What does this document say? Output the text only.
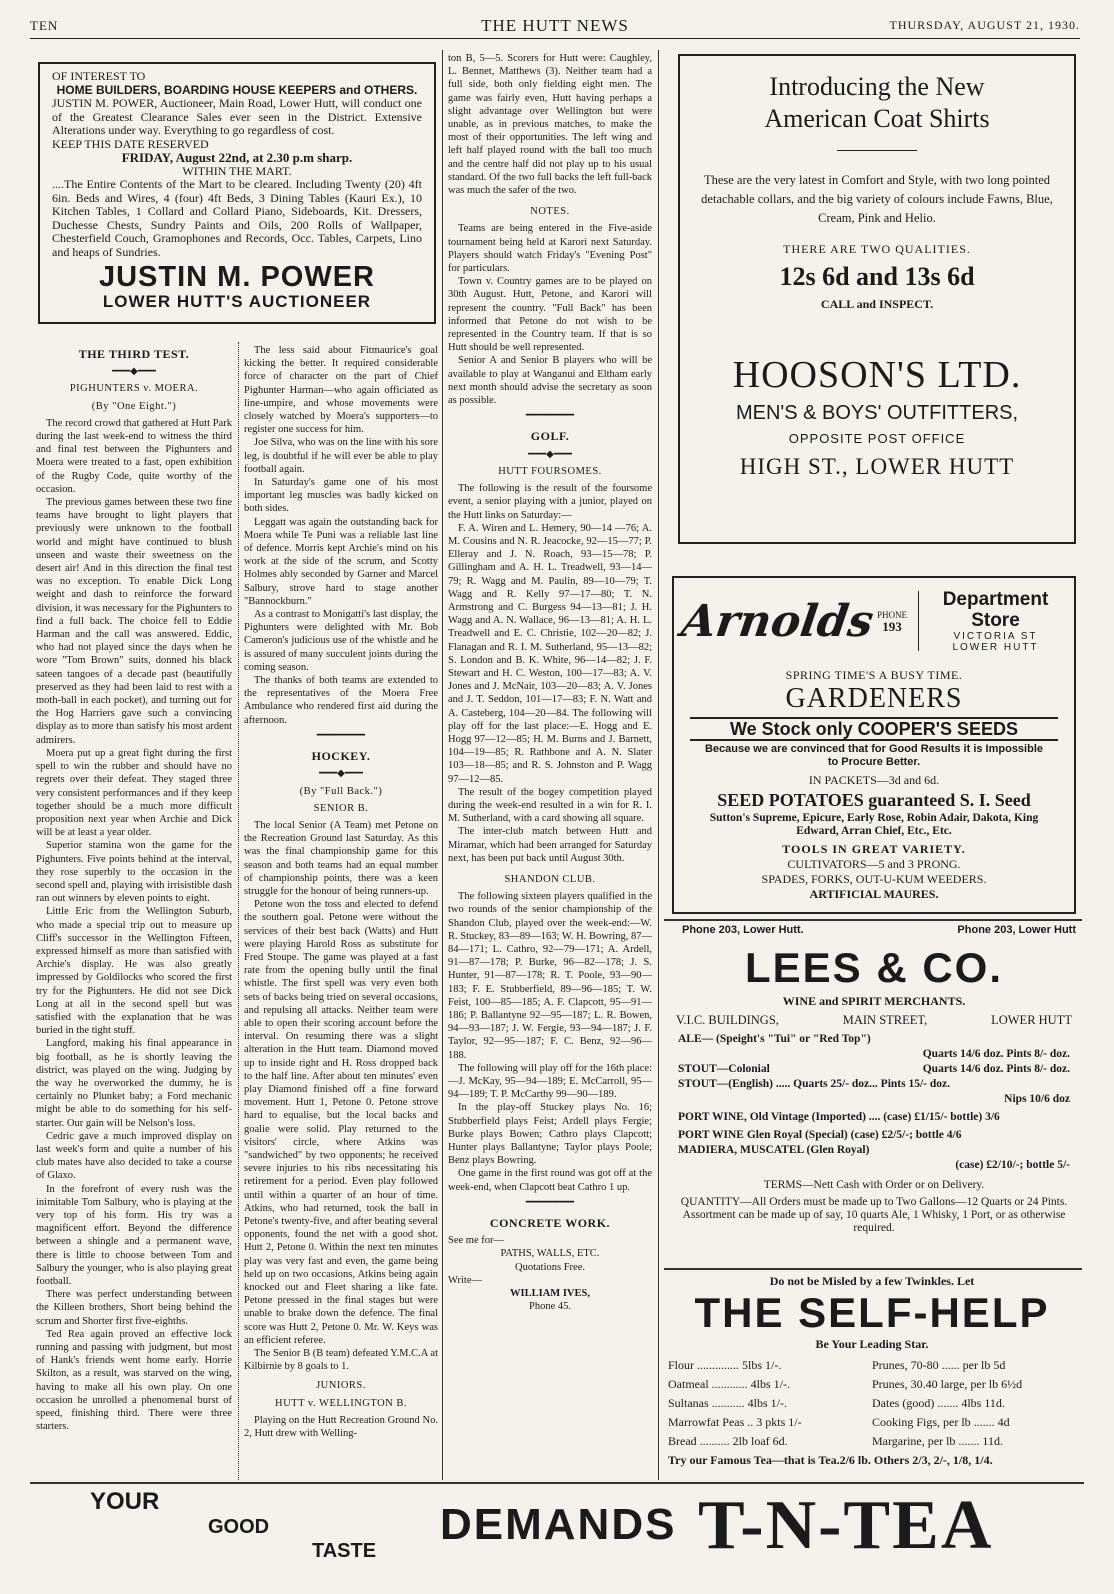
TEN	THE HUTT NEWS	THURSDAY, AUGUST 21, 1930.
OF INTEREST TO
HOME BUILDERS, BOARDING HOUSE KEEPERS and OTHERS.
JUSTIN M. POWER, Auctioneer, Main Road, Lower Hutt, will conduct one of the Greatest Clearance Sales ever seen in the District. Extensive Alterations under way. Everything to go regardless of cost.
KEEP THIS DATE RESERVED
FRIDAY, August 22nd, at 2.30 p.m sharp.
WITHIN THE MART.
....The Entire Contents of the Mart to be cleared. Including Twenty (20) 4ft 6in. Beds and Wires, 4 (four) 4ft Beds, 3 Dining Tables (Kauri Ex.), 10 Kitchen Tables, 1 Collard and Collard Piano, Sideboards, Kit. Dressers, Duchesse Chests, Sundry Paints and Oils, 200 Rolls of Wallpaper, Chesterfield Couch, Gramophones and Records, Occ. Tables, Carpets, Lino and heaps of Sundries.
JUSTIN M. POWER
LOWER HUTT'S AUCTIONEER
THE THIRD TEST.
━━━◆━━━
PIGHUNTERS v. MOERA.
(By "One Eight.")

The record crowd that gathered at Hutt Park during the last week-end to witness the third and final test between the Pighunters and Moera were treated to a fast, open exhibition of the Rugby Code, quite worthy of the occasion.

The previous games between these two fine teams have brought to light players that previously were unknown to the football world and might have continued to blush unseen and waste their sweetness on the desert air! And in this direction the final test was no exception. To enable Dick Long weight and dash to reinforce the forward division, it was necessary for the Pighunters to find a full back. The choice fell to Eddie Harman and the call was answered. Eddic, who had not played since the days when he wore "Tom Brown" suits, donned his black sateen tangoes of a decade past (beautifully preserved as they had been laid to rest with a moth-ball in each pocket), and turning out for the Hog Harriers gave such a convincing display as to more than satisfy his most ardent admirers.

Moera put up a great fight during the first spell to win the rubber and should have no regrets over their defeat. They staged three very consistent performances and if they keep together should be a much more difficult proposition next year when Archie and Dick will be at least a year older.

Superior stamina won the game for the Pighunters. Five points behind at the interval, they rose superbly to the occasion in the second spell and, playing with irrisistible dash ran out winners by eleven points to eight.

Little Eric from the Wellington Suburb, who made a special trip out to measure up Cliff's successor in the Wellington Fifteen, expressed himself as more than satisfied with Archie's display. He was also greatly impressed by Goldilocks who scored the first try for the Pighunters. He did not see Dick Long at all in the second spell but was satisfied with the explanation that he was buried in the tight stuff.

Langford, making his final appearance in big football, as he is shortly leaving the district, was played on the wing. Judging by the way he overworked the dummy, he is certainly no Plunket baby; a Ford mechanic might be able to do something for his self-starter. Our gain will be Nelson's loss.

Cedric gave a much improved display on last week's form and quite a number of his club mates have also decided to take a course of Glaxo.

In the forefront of every rush was the inimitable Tom Salbury, who is playing at the very top of his form. His try was a magnificent effort. Beyond the difference between a shingle and a permanent wave, there is little to choose between Tom and Salbury the younger, who is also playing great football.

There was perfect understanding between the Killeen brothers, Short being behind the scrum and Shorter first five-eighths.

Ted Rea again proved an effective lock running and passing with judgment, but most of Hank's friends went home early. Horrie Skilton, as a result, was starved on the wing, having to make all his own play. On one occasion he unrolled a phenomenal burst of speed, finishing third. There were three starters.

The less said about Fitmaurice's goal kicking the better. It required considerable force of character on the part of Chief Pighunter Harman—who again officiated as line-umpire, and whose movements were closely watched by Moera's supporters—to register one success for him.

Joe Silva, who was on the line with his sore leg, is doubtful if he will ever be able to play football again.

In Saturday's game one of his most important leg muscles was badly kicked on both sides.

Leggatt was again the outstanding back for Moera while Te Puni was a reliable last line of defence. Morris kept Archie's mind on his work at the side of the scrum, and Scotty Holmes ably seconded by Garner and Marcel Salbury, strove hard to stage another "Bannockburn."

As a contrast to Monigatti's last display, the Pighunters were delighted with Mr. Bob Cameron's judicious use of the whistle and he is assured of many succulent joints during the coming season.

The thanks of both teams are extended to the representatives of the Moera Free Ambulance who rendered first aid during the afternoon.

━━━━━━━━
HOCKEY.
━━━◆━━━
(By "Full Back.")
SENIOR B.

The local Senior (A Team) met Petone on the Recreation Ground last Saturday. As this was the final championship game for this season and both teams had an equal number of championship points, there was a keen struggle for the honour of being runners-up.

Petone won the toss and elected to defend the southern goal. Petone were without the services of their best back (Watts) and Hutt were playing Harold Ross as substitute for Fred Stoupe. The game was played at a fast rate from the opening bully until the final whistle. The first spell was very even both sets of backs being tried on several occasions, and repulsing all attacks. Neither team were able to open their scoring account before the interval. On resuming there was a slight alteration in the Hutt team. Diamond moved up to inside right and H. Ross dropped back to the half line. After about ten minutes' even play Diamond finished off a fine forward movement. Hutt 1, Petone 0. Petone strove hard to equalise, but the local backs and goalie were solid. Play returned to the visitors' circle, where Atkins was "sandwiched" by two opponents; he received severe injuries to his ribs necessitating his retirement for a period. Even play followed until within a quarter of an hour of time. Atkins, who had returned, took the ball in Petone's twenty-five, and after beating several opponents, found the net with a good shot. Hutt 2, Petone 0. Within the next ten minutes play was very fast and even, the game being held up on two occasions, Atkins being again knocked out and Fleet sharing a like fate. Petone pressed in the final stages but were unable to brake down the defence. The final score was Hutt 2, Petone 0. Mr. W. Keys was an efficient referee.

The Senior B (B team) defeated Y.M.C.A at Kilbirnie by 8 goals to 1.

JUNIORS.
HUTT v. WELLINGTON B.

Playing on the Hutt Recreation Ground No. 2, Hutt drew with Welling-

ton B, 5—5. Scorers for Hutt were: Caughley, L. Bennet, Matthews (3). Neither team had a full side, both only fielding eight men. The game was fairly even, Hutt having perhaps a slight advantage over Wellington but were unable, as in previous matches, to make the most of their opportunities. The left wing and left half played round with the ball too much and the centre half did not play up to his usual standard. Of the two full backs the left full-back was much the safer of the two.

NOTES.

Teams are being entered in the Five-aside tournament being held at Karori next Saturday. Players should watch Friday's "Evening Post" for particulars.

Town v. Country games are to be played on 30th August. Hutt, Petone, and Karori will represent the country. "Full Back" has been informed that Petone do not wish to be represented in the Country team. If that is so Hutt should be well represented.

Senior A and Senior B players who will be available to play at Wanganui and Eltham early next month should advise the secretary as soon as possible.

━━━━━━━━
GOLF.
━━━◆━━━
HUTT FOURSOMES.

The following is the result of the foursome event, a senior playing with a junior, played on the Hutt links on Saturday:—

F. A. Wiren and L. Hemery, 90—14 —76; A. M. Cousins and N. R. Jeacocke, 92—15—77; P. Elleray and J. N. Roach, 93—15—78; P. Gillingham and A. H. L. Treadwell, 93—14—79; R. Wagg and M. Paulin, 89—10—79; T. Wagg and R. Kelly 97—17—80; T. N. Armstrong and C. Burgess 94—13—81; J. H. Wagg and A. N. Wallace, 96—13—81; A. H. L. Treadwell and E. C. Christie, 102—20—82; J. Flanagan and R. I. M. Sutherland, 95—13—82; S. London and B. K. White, 96—14—82; J. F. Stewart and H. C. Weston, 100—17—83; A. V. Jones and J. McNair, 103—20—83; A. V. Jones and J. T. Seddon, 101—17—83; F. N. Watt and A. Casteberg, 104—20—84. The following will play off for the last place:—E. Hogg and E. Hogg 97—12—85; H. M. Burns and J. Barnett, 104—19—85; R. Rathbone and A. N. Slater 103—18—85; and R. S. Johnston and P. Wagg 97—12—85.

The result of the bogey competition played during the week-end resulted in a win for R. I. M. Sutherland, with a card showing all square.

The inter-club match between Hutt and Miramar, which had been arranged for Saturday next, has been put back until August 30th.

SHANDON CLUB.

The following sixteen players qualified in the two rounds of the senior championship of the Shandon Club, played over the week-end:—W. R. Stuckey, 83—89—163; W. H. Bowring, 87—84—171; L. Cathro, 92—79—171; A. Ardell, 91—87—178; P. Burke, 96—82—178; J. S. Hunter, 91—87—178; R. T. Poole, 93—90—183; F. E. Stubberfield, 89—96—185; T. W. Feist, 100—85—185; A. F. Clapcott, 95—91—186; P. Ballantyne 92—95—187; L. R. Bowen, 94—93—187; J. W. Fergie, 93—94—187; J. F. Taylor, 92—95—187; F. C. Benz, 92—96—188.

The following will play off for the 16th place:—J. McKay, 95—94—189; E. McCarroll, 95—94—189; T. P. McCarthy 99—90—189.

In the play-off Stuckey plays No. 16; Stubberfield plays Feist; Ardell plays Fergie; Burke plays Bowen; Cathro plays Clapcott; Hunter plays Ballantyne; Taylor plays Poole; Benz plays Bowring.

One game in the first round was got off at the week-end, when Clapcott beat Cathro 1 up.

━━━━━━━━
CONCRETE WORK.
See me for—
PATHS, WALLS, ETC.
Quotations Free.
Write—
WILLIAM IVES,
Phone 45.
Introducing the New
American Coat Shirts
These are the very latest in Comfort and Style, with two long pointed detachable collars, and the big variety of colours include Fawns, Blue, Cream, Pink and Helio.
THERE ARE TWO QUALITIES.
12s 6d and 13s 6d
CALL and INSPECT.
HOOSON'S LTD.
MEN'S & BOYS' OUTFITTERS,
OPPOSITE POST OFFICE
HIGH ST., LOWER HUTT
Arnolds PHONE
193
Department
Store
VICTORIA ST
LOWER HUTT
SPRING TIME'S A BUSY TIME.
GARDENERS
We Stock only COOPER'S SEEDS
Because we are convinced that for Good Results it is Impossible to Procure Better.
IN PACKETS—3d and 6d.
SEED POTATOES guaranteed S. I. Seed
Sutton's Supreme, Epicure, Early Rose, Robin Adair, Dakota, King Edward, Arran Chief, Etc., Etc.
TOOLS IN GREAT VARIETY.
CULTIVATORS—5 and 3 PRONG.
SPADES, FORKS, OUT-U-KUM WEEDERS.
ARTIFICIAL MAURES.
Phone 203, Lower Hutt.	Phone 203, Lower Hutt
LEES & CO.
WINE and SPIRIT MERCHANTS.
V.I.C. BUILDINGS,	MAIN STREET,	LOWER HUTT
ALE— (Speight's "Tui" or "Red Top")
Quarts 14/6 doz. Pints 8/- doz.
STOUT—Colonial	Quarts 14/6 doz. Pints 8/- doz.
STOUT—(English) ..... Quarts 25/- doz... Pints 15/- doz.
Nips 10/6 doz
PORT WINE, Old Vintage (Imported) .... (case) £1/15/- bottle) 3/6
PORT WINE Glen Royal (Special) (case) £2/5/-; bottle 4/6
MADIERA, MUSCATEL (Glen Royal)
(case) £2/10/-; bottle 5/-
TERMS—Nett Cash with Order or on Delivery.
QUANTITY—All Orders must be made up to Two Gallons—12 Quarts or 24 Pints. Assortment can be made up of say, 10 quarts Ale, 1 Whisky, 1 Port, or as otherwise required.
Do not be Misled by a few Twinkles. Let
THE SELF-HELP
Be Your Leading Star.
Flour .............. 5lbs 1/-.	Prunes, 70-80 ...... per lb 5d
Oatmeal ............ 4lbs 1/-.	Prunes, 30.40 large, per lb 6½d
Sultanas ........... 4lbs 1/-.	Dates (good) ....... 4lbs 11d.
Marrowfat Peas .. 3 pkts 1/-	Cooking Figs, per lb ....... 4d
Bread .......... 2lb loaf 6d.	Margarine, per lb ....... 11d.
Try our Famous Tea—that is Tea.2/6 lb. Others 2/3, 2/-, 1/8, 1/4.
YOUR
GOOD
TASTE
DEMANDS T-N-TEA
